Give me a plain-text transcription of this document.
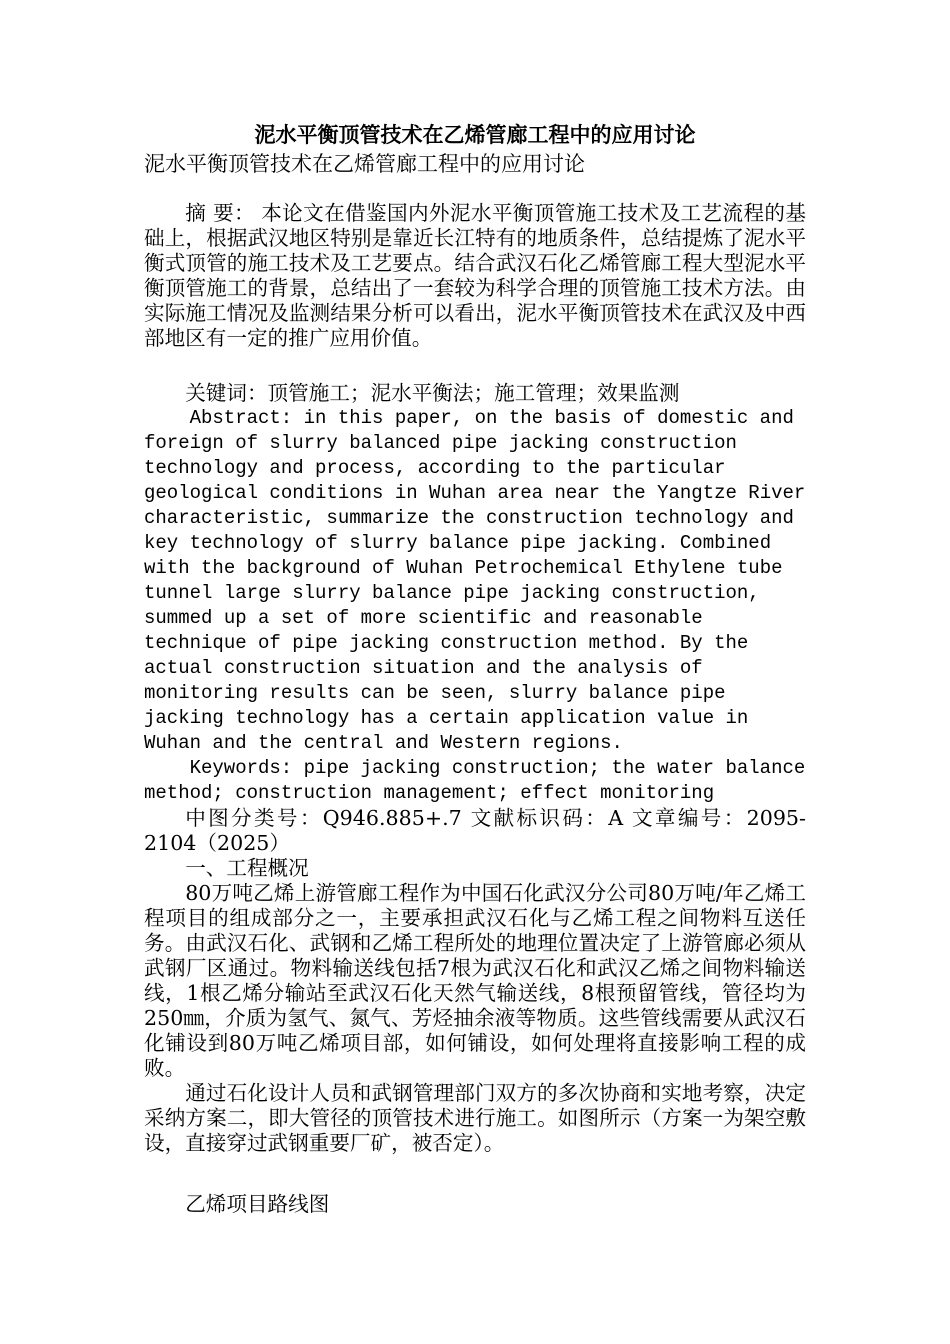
泥水平衡顶管技术在乙烯管廊工程中的应用讨论

泥水平衡顶管技术在乙烯管廊工程中的应用讨论

摘 要： 本论文在借鉴国内外泥水平衡顶管施工技术及工艺流程的基础上，根据武汉地区特别是靠近长江特有的地质条件，总结提炼了泥水平衡式顶管的施工技术及工艺要点。结合武汉石化乙烯管廊工程大型泥水平衡顶管施工的背景，总结出了一套较为科学合理的顶管施工技术方法。由实际施工情况及监测结果分析可以看出，泥水平衡顶管技术在武汉及中西部地区有一定的推广应用价值。

关键词：顶管施工；泥水平衡法；施工管理；效果监测

Abstract: in this paper, on the basis of domestic and foreign of slurry balanced pipe jacking construction technology and process, according to the particular geological conditions in Wuhan area near the Yangtze River characteristic, summarize the construction technology and key technology of slurry balance pipe jacking. Combined with the background of Wuhan Petrochemical Ethylene tube tunnel large slurry balance pipe jacking construction, summed up a set of more scientific and reasonable technique of pipe jacking construction method. By the actual construction situation and the analysis of monitoring results can be seen, slurry balance pipe jacking technology has a certain application value in Wuhan and the central and Western regions.

Keywords: pipe jacking construction; the water balance method; construction management; effect monitoring

中图分类号：Q946.885+.7 文献标识码：A 文章编号：2095-2104（2025）

一、工程概况

80万吨乙烯上游管廊工程作为中国石化武汉分公司80万吨/年乙烯工程项目的组成部分之一，主要承担武汉石化与乙烯工程之间物料互送任务。由武汉石化、武钢和乙烯工程所处的地理位置决定了上游管廊必须从武钢厂区通过。物料输送线包括7根为武汉石化和武汉乙烯之间物料输送线，1根乙烯分输站至武汉石化天然气输送线，8根预留管线，管径均为250㎜，介质为氢气、氮气、芳烃抽余液等物质。这些管线需要从武汉石化铺设到80万吨乙烯项目部，如何铺设，如何处理将直接影响工程的成败。

通过石化设计人员和武钢管理部门双方的多次协商和实地考察，决定采纳方案二，即大管径的顶管技术进行施工。如图所示（方案一为架空敷设，直接穿过武钢重要厂矿，被否定）。

乙烯项目路线图
